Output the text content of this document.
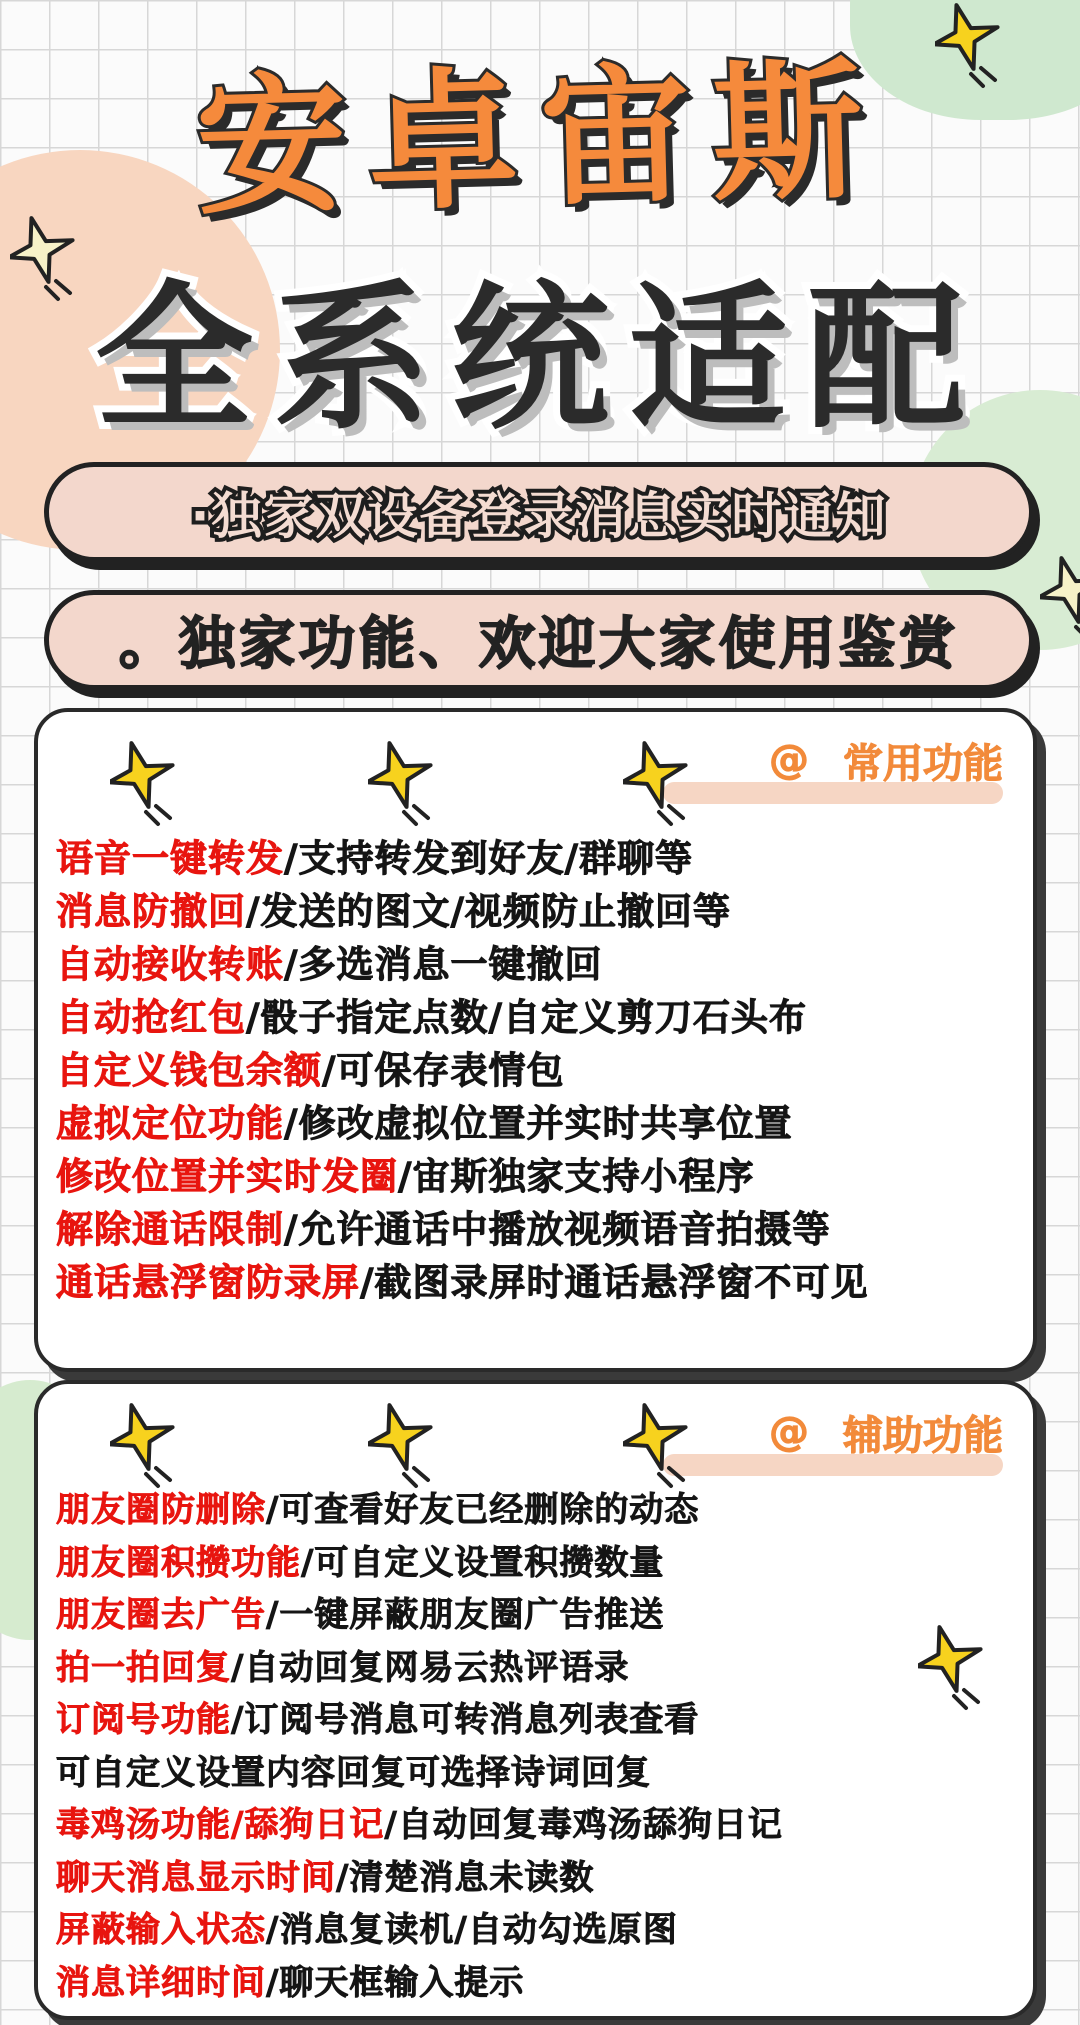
安卓宙斯
全系统适配
·独家双设备登录消息实时通知
。独家功能、欢迎大家使用鉴赏
@ 常用功能
语音一键转发/支持转发到好友/群聊等
消息防撤回/发送的图文/视频防止撤回等
自动接收转账/多选消息一键撤回
自动抢红包/骰子指定点数/自定义剪刀石头布
自定义钱包余额/可保存表情包
虚拟定位功能/修改虚拟位置并实时共享位置
修改位置并实时发圈/宙斯独家支持小程序
解除通话限制/允许通话中播放视频语音拍摄等
通话悬浮窗防录屏/截图录屏时通话悬浮窗不可见
@ 辅助功能
朋友圈防删除/可查看好友已经删除的动态
朋友圈积攒功能/可自定义设置积攒数量
朋友圈去广告/一键屏蔽朋友圈广告推送
拍一拍回复/自动回复网易云热评语录
订阅号功能/订阅号消息可转消息列表查看
可自定义设置内容回复可选择诗词回复
毒鸡汤功能/舔狗日记/自动回复毒鸡汤舔狗日记
聊天消息显示时间/清楚消息未读数
屏蔽输入状态/消息复读机/自动勾选原图
消息详细时间/聊天框输入提示
